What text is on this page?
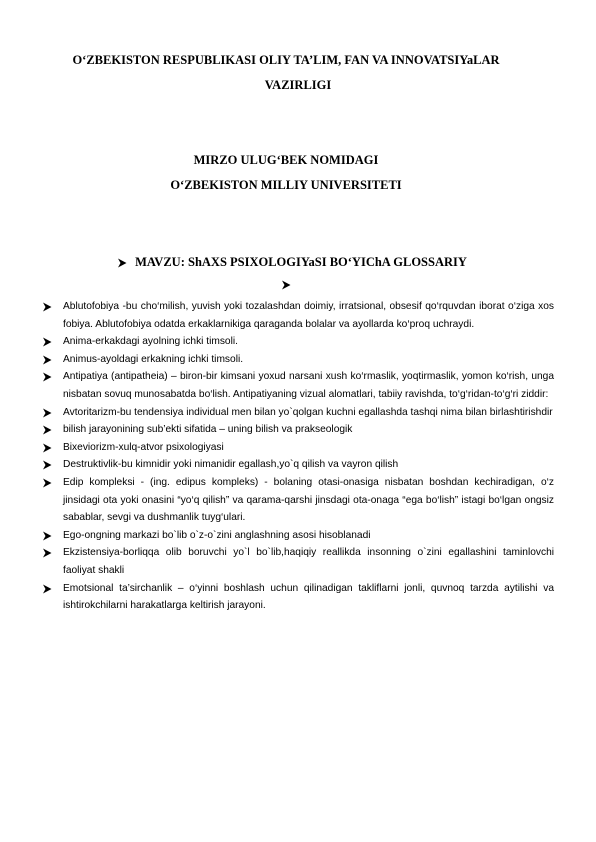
O‘ZBEKISTON RESPUBLIKASI OLIY TA’LIM, FAN VA INNOVATSIYaLAR
VAZIRLIGI
MIRZO ULUG‘BEK NOMIDAGI
O‘ZBEKISTON MILLIY UNIVERSITETI
MAVZU: ShAXS PSIXOLOGIYaSI BO‘YIChA GLOSSARIY

Ablutofobiya -bu cho‘milish, yuvish yoki tozalashdan doimiy, irratsional, obsesif qo‘rquvdan iborat o‘ziga xos fobiya. Ablutofobiya odatda erkaklarnikiga qaraganda bolalar va ayollarda ko‘proq uchraydi.

Anima-erkakdagi ayolning ichki timsoli.

Animus-ayoldagi erkakning ichki timsoli.

Antipatiya (antipatheia) – biron-bir kimsani yoxud narsani xush ko‘rmaslik, yoqtirmaslik, yomon ko‘rish, unga nisbatan sovuq munosabatda bo‘lish. Antipatiyaning vizual alomatlari, tabiiy ravishda, to‘g‘ridan-to‘g‘ri ziddir:

Avtoritarizm-bu tendensiya individual men bilan yo`qolgan kuchni egallashda tashqi nima bilan birlashtirishdir

bilish jarayonining sub’ekti sifatida – uning bilish va prakseologik

Bixeviorizm-xulq-atvor psixologiyasi

Destruktivlik-bu kimnidir yoki nimanidir egallash,yo`q qilish va vayron qilish

Edip kompleksi - (ing. edipus kompleks) - bolaning otasi-onasiga nisbatan boshdan kechiradigan, o‘z jinsidagi ota yoki onasini “yo‘q qilish” va qarama-qarshi jinsdagi ota-onaga “ega bo‘lish” istagi bo‘lgan ongsiz sabablar, sevgi va dushmanlik tuyg‘ulari.

Ego-ongning markazi bo`lib o`z-o`zini anglashning asosi hisoblanadi

Ekzistensiya-borliqqa olib boruvchi yo`l bo`lib,haqiqiy reallikda insonning o`zini egallashini taminlovchi faoliyat shakli

Emotsional ta’sirchanlik – o‘yinni boshlash uchun qilinadigan takliflarni jonli, quvnoq tarzda aytilishi va ishtirokchilarni harakatlarga keltirish jarayoni.
